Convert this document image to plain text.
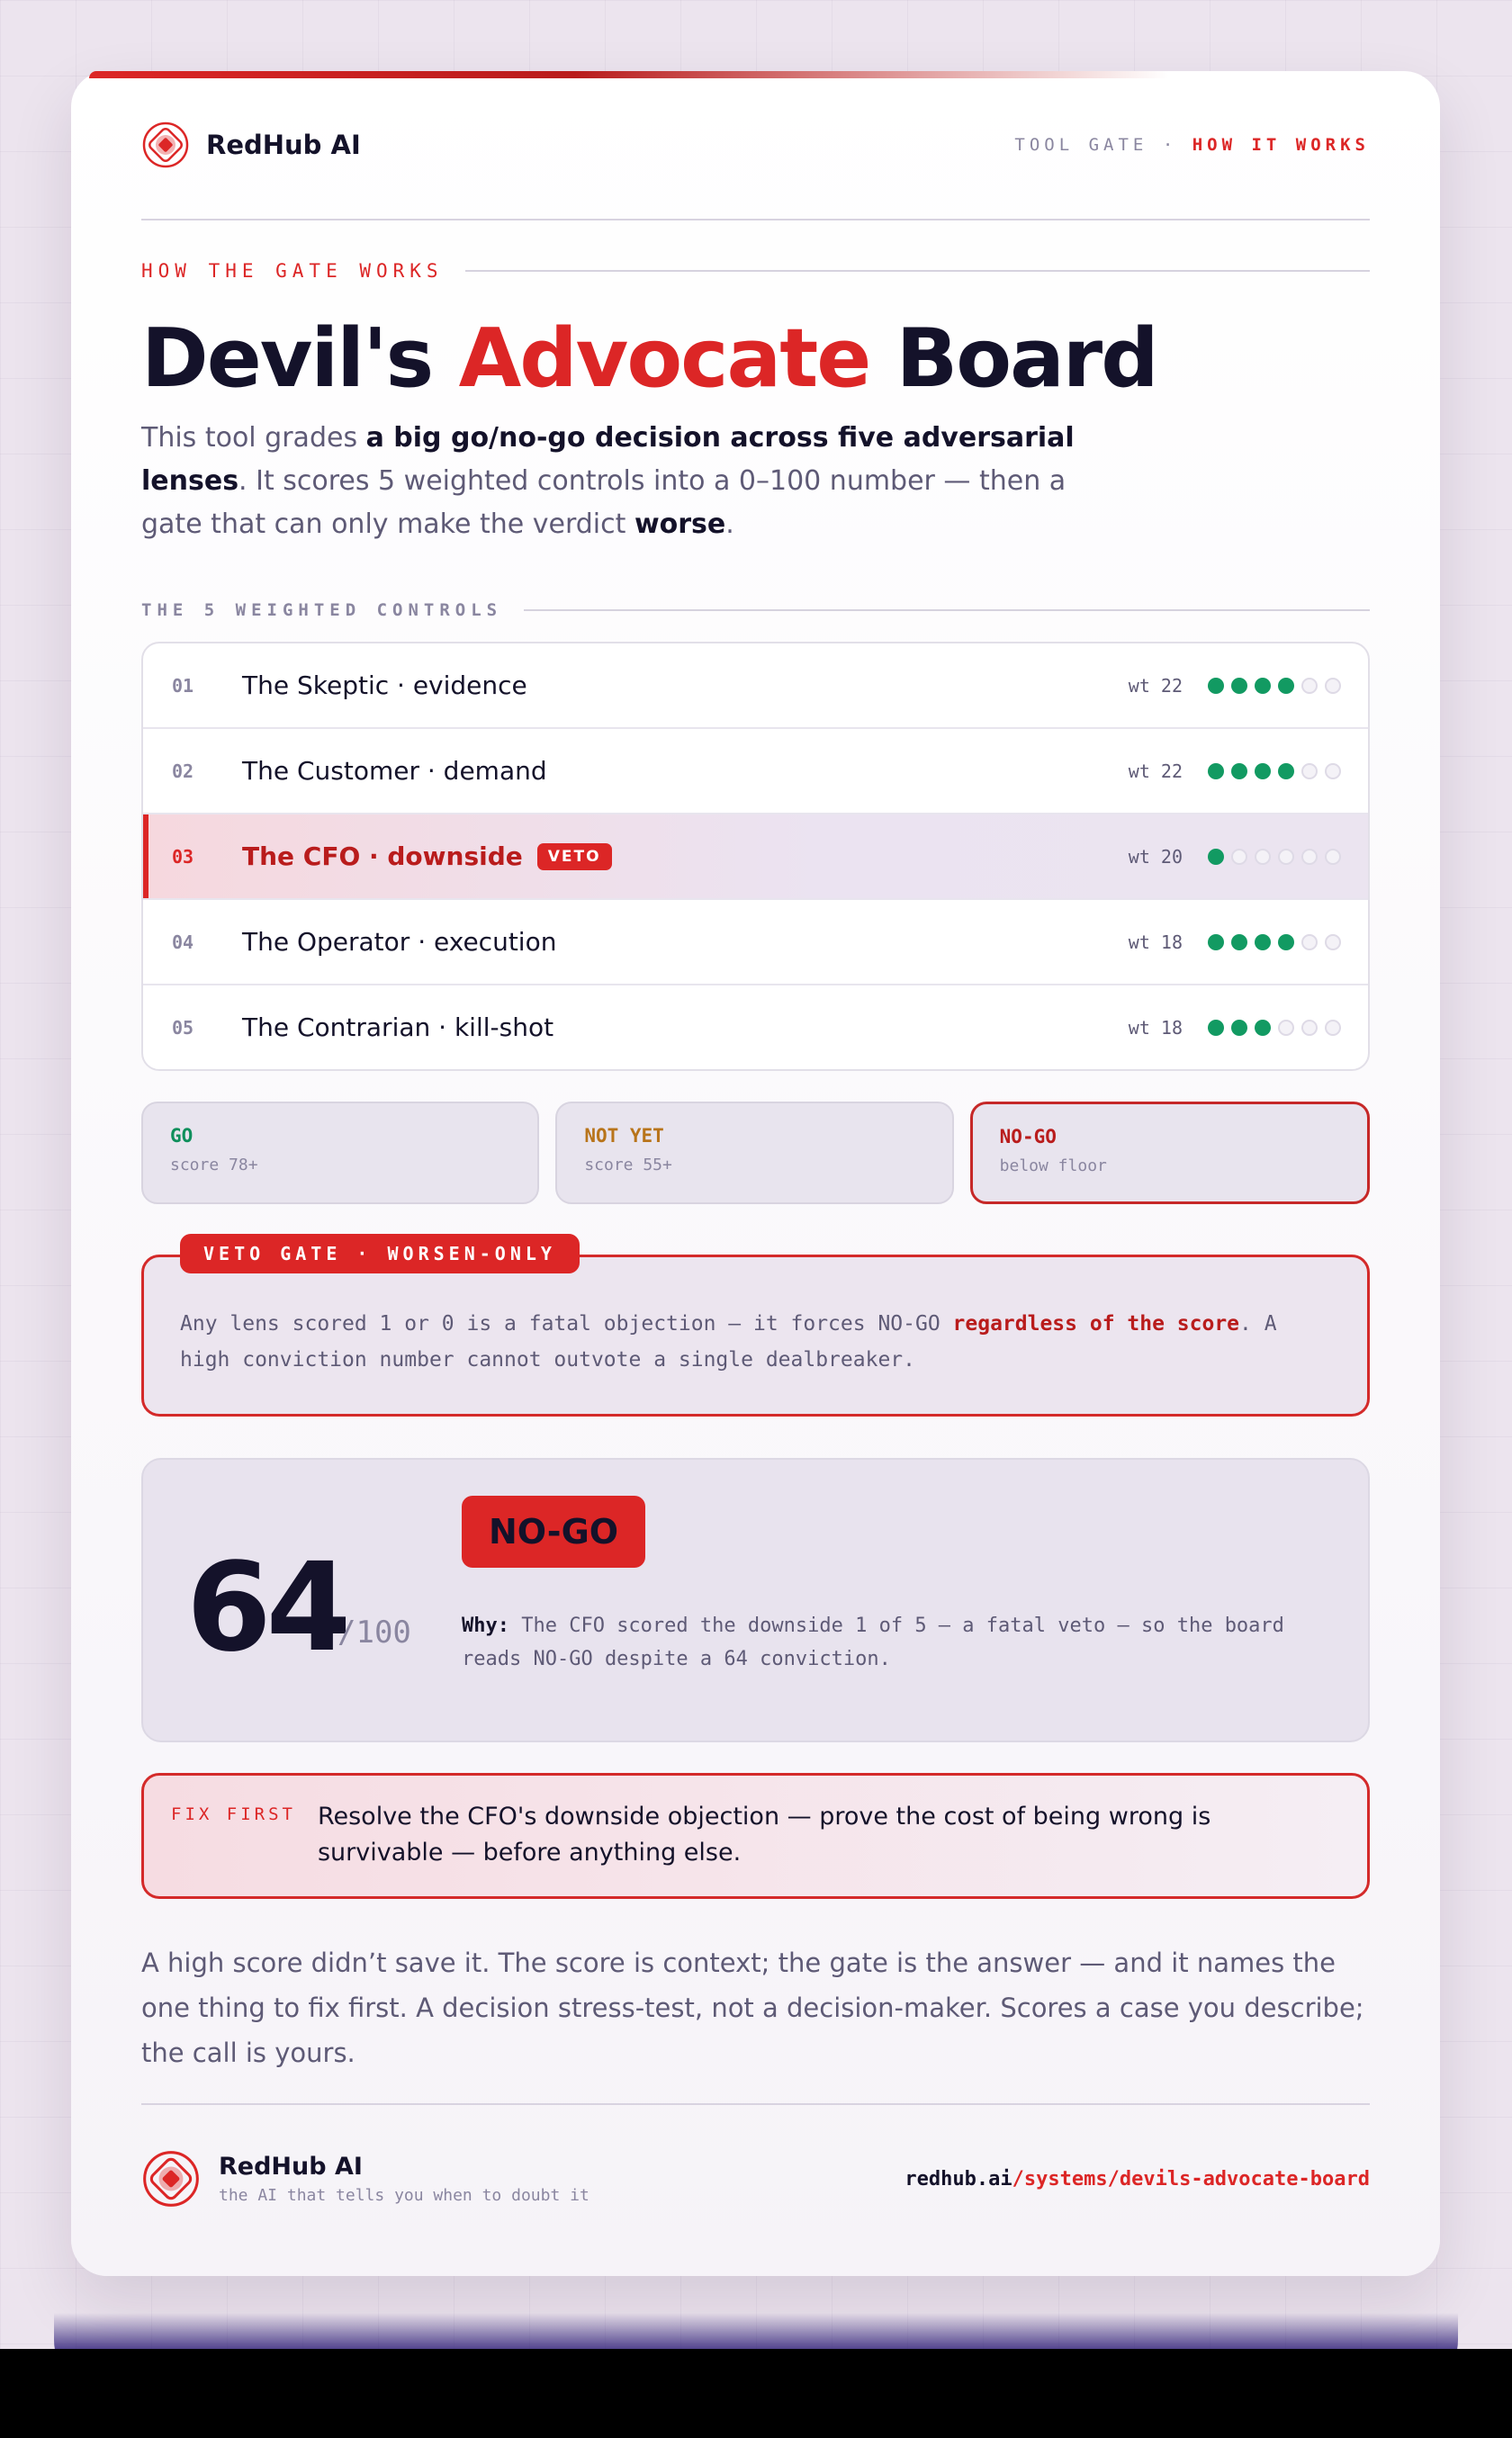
RedHub AI	TOOL GATE · HOW IT WORKS
HOW THE GATE WORKS
Devil's Advocate Board

This tool grades a big go/no-go decision across five adversarial lenses. It scores 5 weighted controls into a 0–100 number — then a gate that can only make the verdict worse.

THE 5 WEIGHTED CONTROLS
01	The Skeptic · evidence	wt 22
02	The Customer · demand	wt 22
03	The CFO · downside	VETO	wt 20
04	The Operator · execution	wt 18
05	The Contrarian · kill-shot	wt 18
GO
score 78+
NOT YET
score 55+
NO-GO
below floor
VETO GATE · WORSEN-ONLY

Any lens scored 1 or 0 is a fatal objection — it forces NO-GO regardless of the score. A high conviction number cannot outvote a single dealbreaker.

64
/100
NO-GO

Why: The CFO scored the downside 1 of 5 — a fatal veto — so the board reads NO-GO despite a 64 conviction.

FIX FIRST Resolve the CFO's downside objection — prove the cost of being wrong is survivable — before anything else.

A high score didn’t save it. The score is context; the gate is the answer — and it names the one thing to fix first. A decision stress-test, not a decision-maker. Scores a case you describe; the call is yours.

RedHub AI
the AI that tells you when to doubt it
redhub.ai/systems/devils-advocate-board
